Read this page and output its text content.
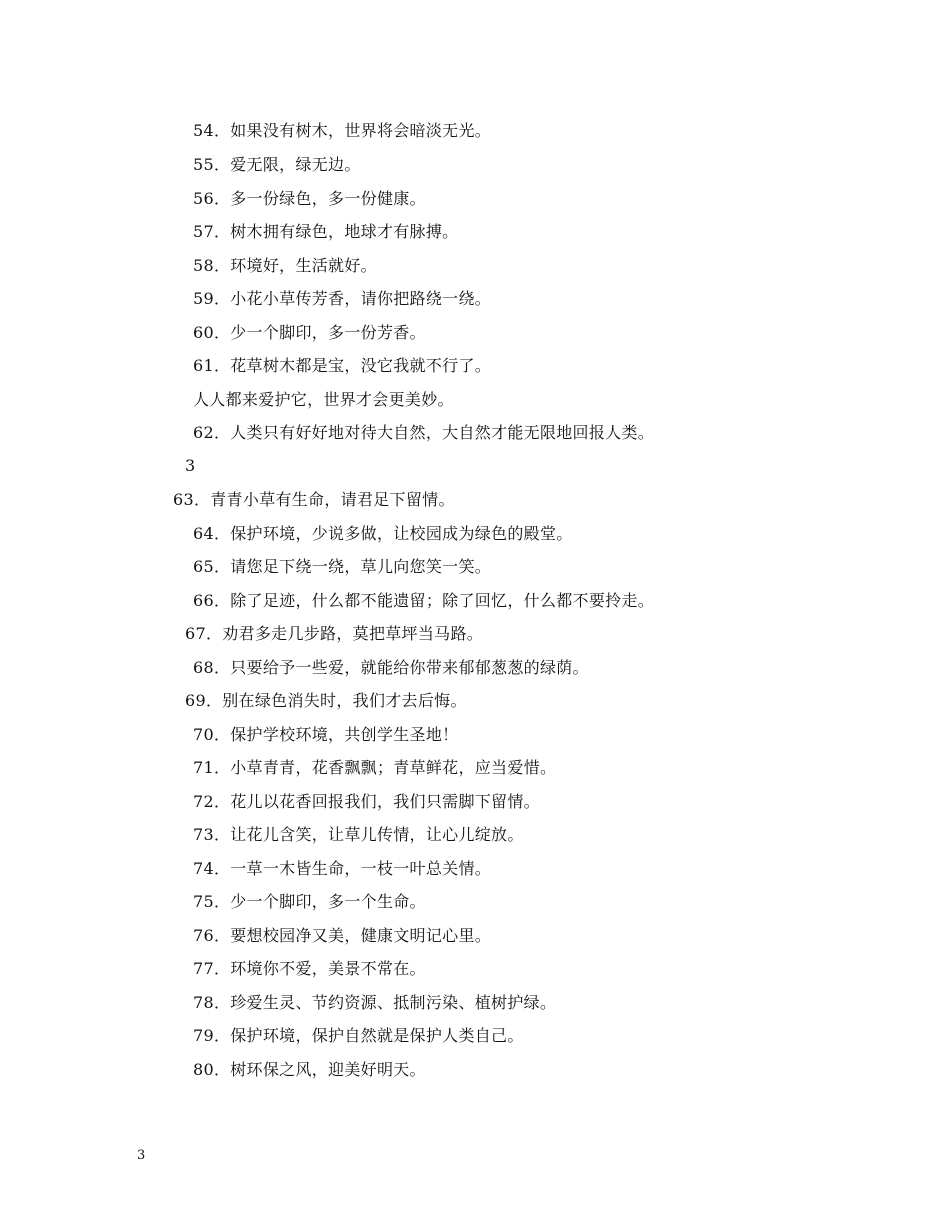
54．如果没有树木，世界将会暗淡无光。
55．爱无限，绿无边。
56．多一份绿色，多一份健康。
57．树木拥有绿色，地球才有脉搏。
58．环境好，生活就好。
59．小花小草传芳香，请你把路绕一绕。
60．少一个脚印，多一份芳香。
61．花草树木都是宝，没它我就不行了。
人人都来爱护它，世界才会更美妙。
62．人类只有好好地对待大自然，大自然才能无限地回报人类。
3
63．青青小草有生命，请君足下留情。
64．保护环境，少说多做，让校园成为绿色的殿堂。
65．请您足下绕一绕，草儿向您笑一笑。
66．除了足迹，什么都不能遗留；除了回忆，什么都不要拎走。
67．劝君多走几步路，莫把草坪当马路。
68．只要给予一些爱，就能给你带来郁郁葱葱的绿荫。
69．别在绿色消失时，我们才去后悔。
70．保护学校环境，共创学生圣地！
71．小草青青，花香飘飘；青草鲜花，应当爱惜。
72．花儿以花香回报我们，我们只需脚下留情。
73．让花儿含笑，让草儿传情，让心儿绽放。
74．一草一木皆生命，一枝一叶总关情。
75．少一个脚印，多一个生命。
76．要想校园净又美，健康文明记心里。
77．环境你不爱，美景不常在。
78．珍爱生灵、节约资源、抵制污染、植树护绿。
79．保护环境，保护自然就是保护人类自己。
80．树环保之风，迎美好明天。
3
